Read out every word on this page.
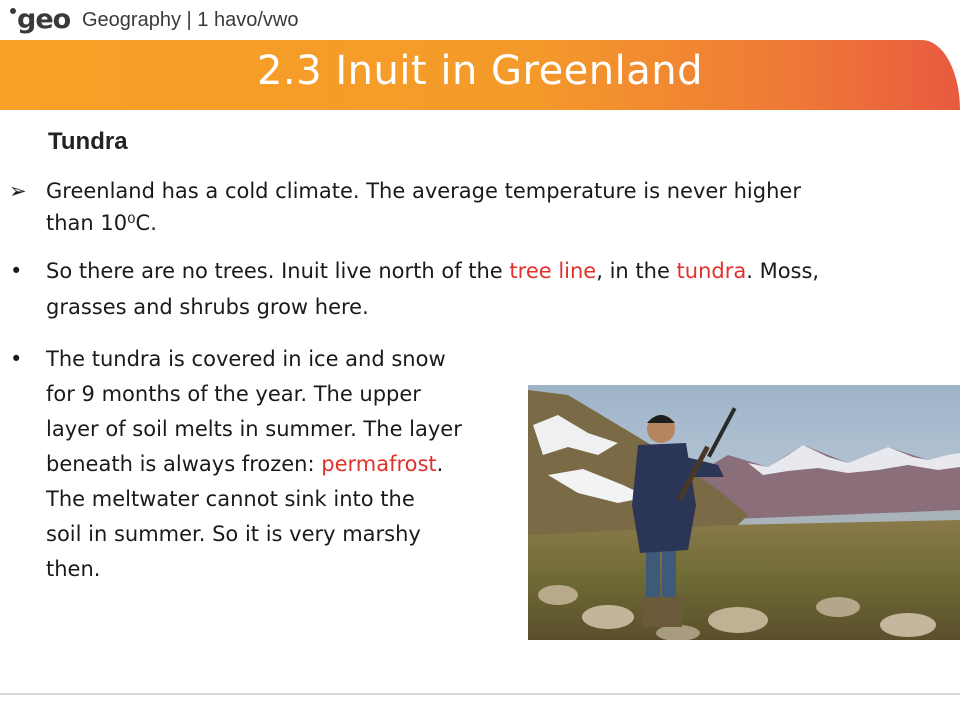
geo Geography | 1 havo/vwo
2.3 Inuit in Greenland
Tundra
➢ Greenland has a cold climate. The average temperature is never higher
than 10⁰C.
• So there are no trees. Inuit live north of the tree line, in the tundra. Moss,
grasses and shrubs grow here.
• The tundra is covered in ice and snow
for 9 months of the year. The upper
layer of soil melts in summer. The layer
beneath is always frozen: permafrost.
The meltwater cannot sink into the
soil in summer. So it is very marshy
then.
